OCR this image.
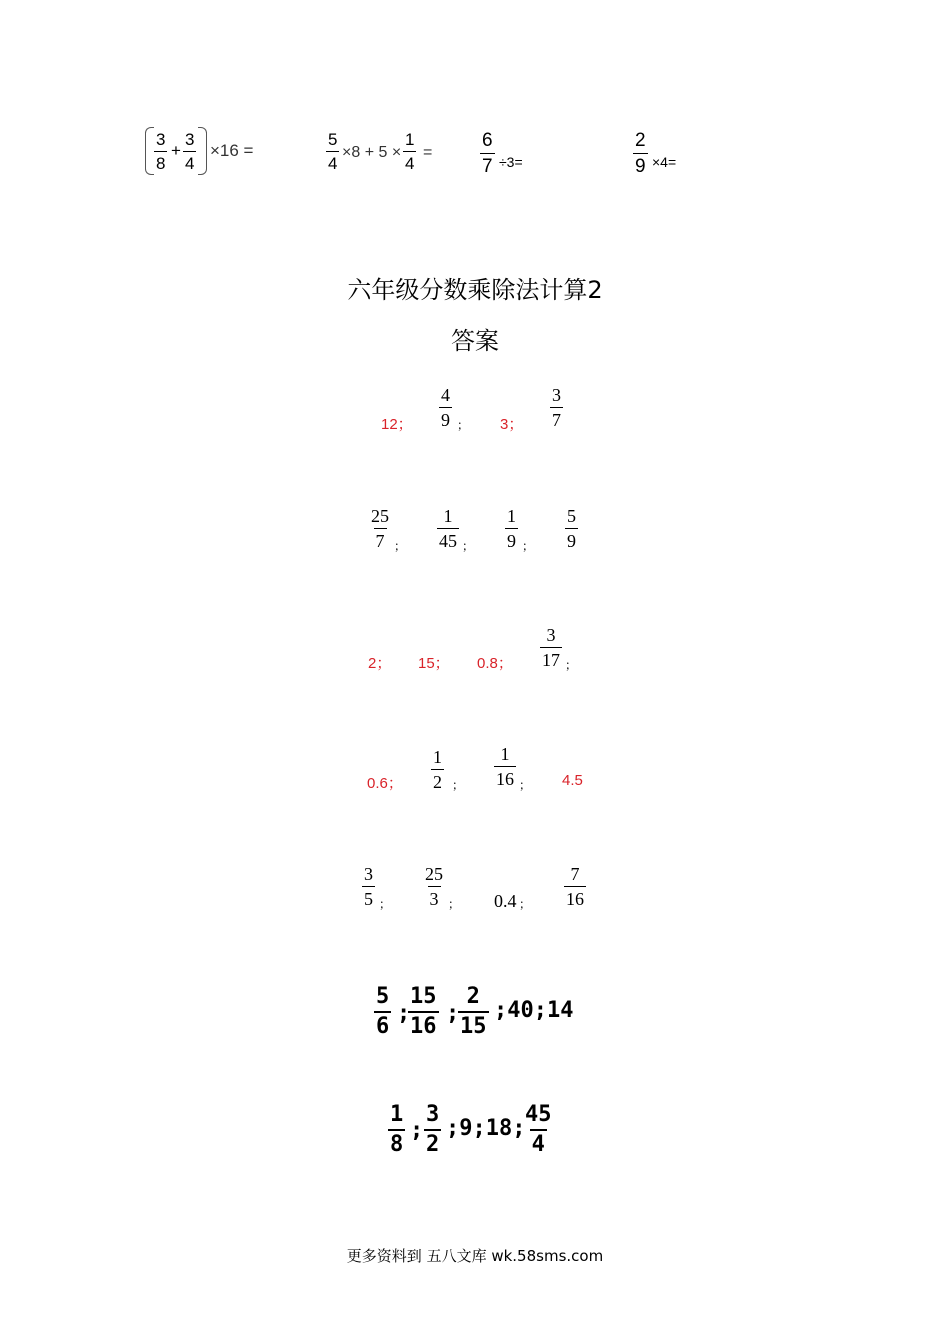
$\frac{3}{8} + \frac{3}{4} \times 16$ =	$\frac{5}{4} \times 8 + 5 \times \frac{1}{4}$ =	$\frac{6}{7} \div 3=$	$\frac{2}{9} \times 4=$
六年级分数乘除法计算2
答案
12； $\frac{4}{9}$ ； 3； $\frac{3}{7}$
$\frac{25}{7}$ ； $\frac{1}{45}$ ； $\frac{1}{9}$ ； $\frac{5}{9}$
2； 15； 0.8； $\frac{3}{17}$ ；
0.6； $\frac{1}{2}$ ； $\frac{1}{16}$ ； 4.5
$\frac{3}{5}$ ； $\frac{25}{3}$ ； 0.4 ； $\frac{7}{16}$
$\frac{5}{6}$ ;
$\frac{15}{16}$ ;
$\frac{2}{15}$ ;40;14
$\frac{1}{8}$ ; $\frac{3}{2}$ ;9;18;
$\frac{45}{4}$
更多资料到 五八文库 wk.58sms.com
